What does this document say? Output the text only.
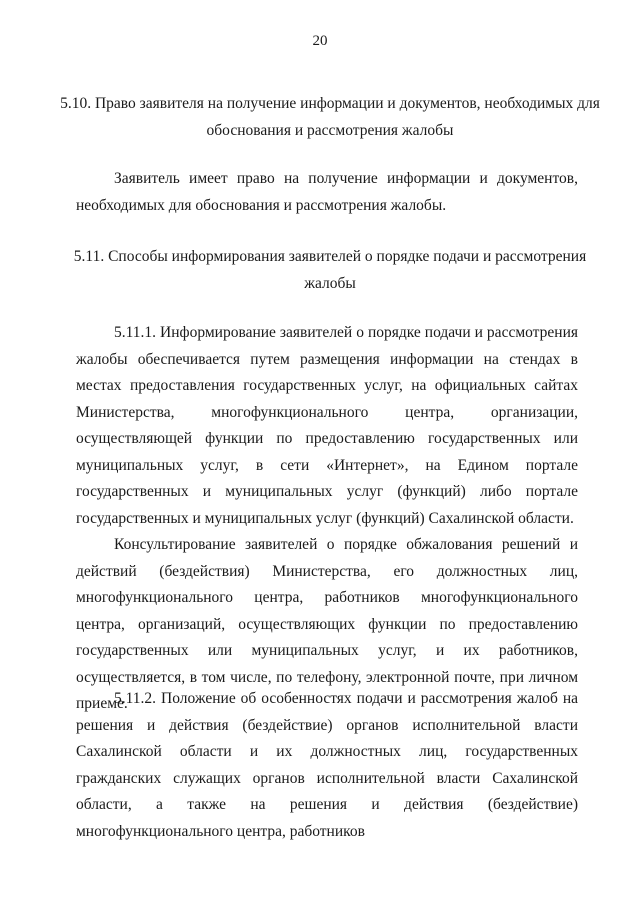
20
5.10. Право заявителя на получение информации и документов, необходимых для обоснования и рассмотрения жалобы

Заявитель имеет право на получение информации и документов, необходимых для обоснования и рассмотрения жалобы.

5.11. Способы информирования заявителей о порядке подачи и рассмотрения жалобы

5.11.1. Информирование заявителей о порядке подачи и рассмотрения жалобы обеспечивается путем размещения информации на стендах в местах предоставления государственных услуг, на официальных сайтах Министерства, многофункционального центра, организации, осуществляющей функции по предоставлению государственных или муниципальных услуг, в сети «Интернет», на Едином портале государственных и муниципальных услуг (функций) либо портале государственных и муниципальных услуг (функций) Сахалинской области.

Консультирование заявителей о порядке обжалования решений и действий (бездействия) Министерства, его должностных лиц, многофункционального центра, работников многофункционального центра, организаций, осуществляющих функции по предоставлению государственных или муниципальных услуг, и их работников, осуществляется, в том числе, по телефону, электронной почте, при личном приеме.

5.11.2. Положение об особенностях подачи и рассмотрения жалоб на решения и действия (бездействие) органов исполнительной власти Сахалинской области и их должностных лиц, государственных гражданских служащих органов исполнительной власти Сахалинской области, а также на решения и действия (бездействие) многофункционального центра, работников
